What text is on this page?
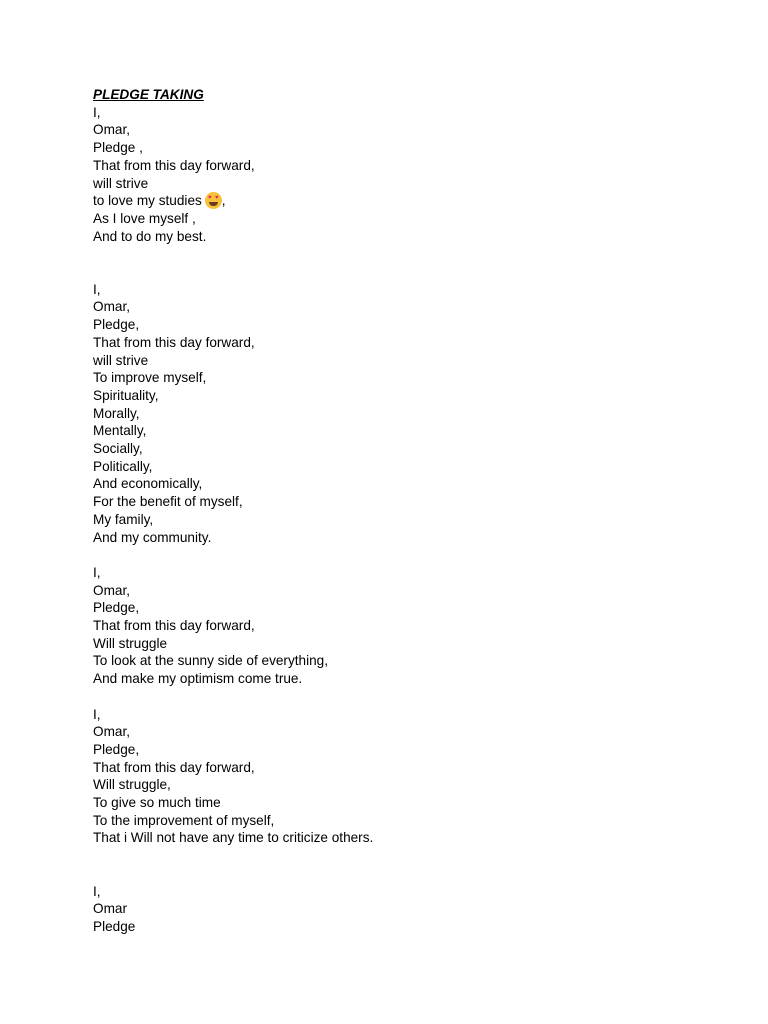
PLEDGE TAKING
I,
Omar,
Pledge ,
That from this day forward,
will strive
to love my studies ♥ ♥ ,
As I love myself ,
And to do my best.
I,
Omar,
Pledge,
That from this day forward,
will strive
To improve myself,
Spirituality,
Morally,
Mentally,
Socially,
Politically,
And economically,
For the benefit of myself,
My family,
And my community.
I,
Omar,
Pledge,
That from this day forward,
Will struggle
To look at the sunny side of everything,
And make my optimism come true.
I,
Omar,
Pledge,
That from this day forward,
Will struggle,
To give so much time
To the improvement of myself,
That i Will not have any time to criticize others.
I,
Omar
Pledge
